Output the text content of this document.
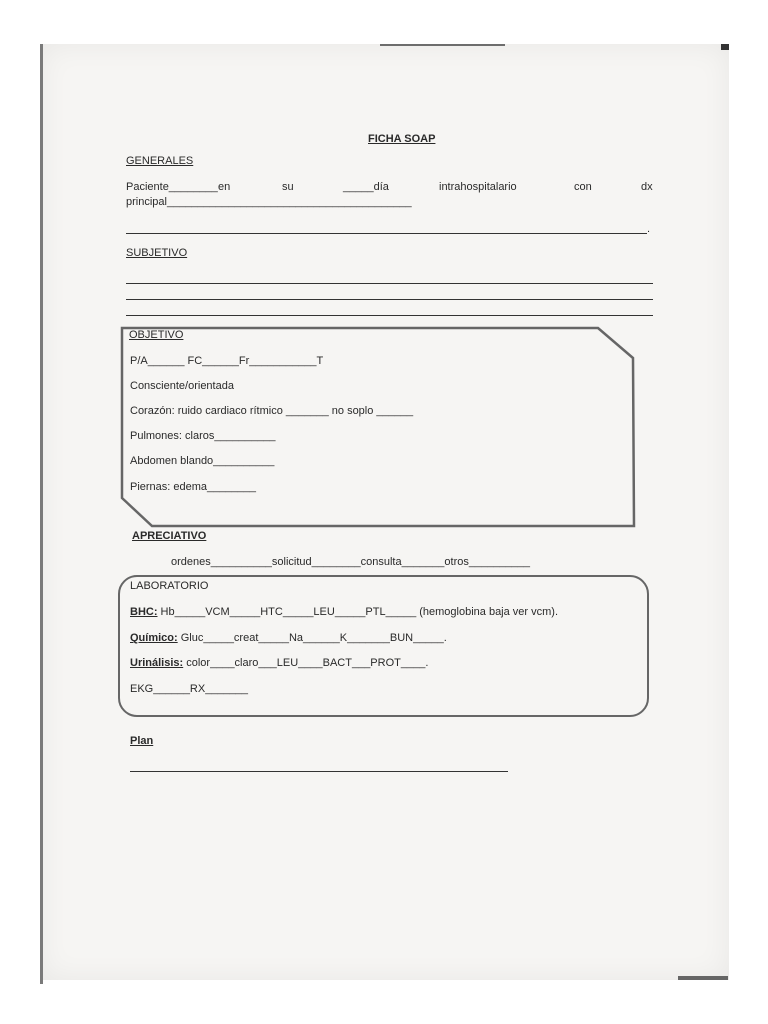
FICHA SOAP
GENERALES
Paciente________ en	su	_____día	intrahospitalario	con	dx
principal________________________________________
.
SUBJETIVO
OBJETIVO
P/A______ FC______Fr___________T
Consciente/orientada
Corazón: ruido cardiaco rítmico _______ no soplo ______
Pulmones: claros__________
Abdomen blando__________
Piernas: edema________
APRECIATIVO
ordenes__________solicitud________consulta_______otros__________
LABORATORIO
BHC: Hb_____VCM_____HTC_____LEU_____PTL_____ (hemoglobina baja ver vcm).
Químico: Gluc_____creat_____Na______K_______BUN_____.
Urinálisis: color____claro___LEU____BACT___PROT____.
EKG______RX_______
Plan
